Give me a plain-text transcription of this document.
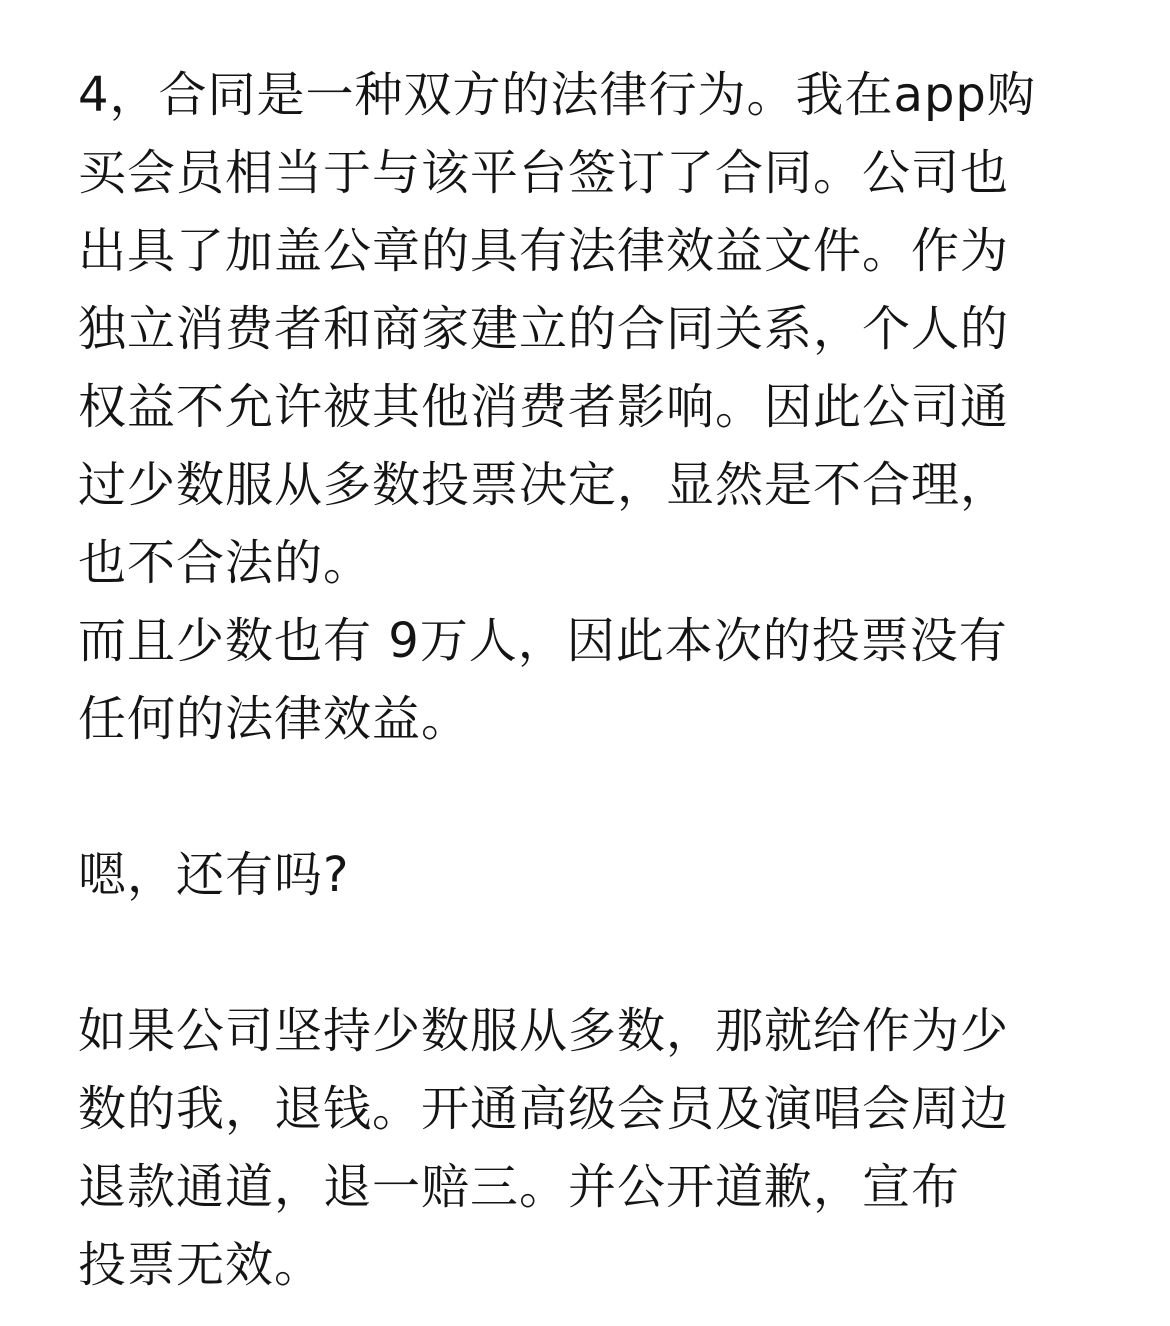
4，合同是一种双方的法律行为。我在app购
买会员相当于与该平台签订了合同。公司也
出具了加盖公章的具有法律效益文件。作为
独立消费者和商家建立的合同关系，个人的
权益不允许被其他消费者影响。因此公司通
过少数服从多数投票决定，显然是不合理，
也不合法的。
而且少数也有 9万人，因此本次的投票没有
任何的法律效益。
嗯，还有吗?
如果公司坚持少数服从多数，那就给作为少
数的我，退钱。开通高级会员及演唱会周边
退款通道，退一赔三。并公开道歉，宣布
投票无效。
